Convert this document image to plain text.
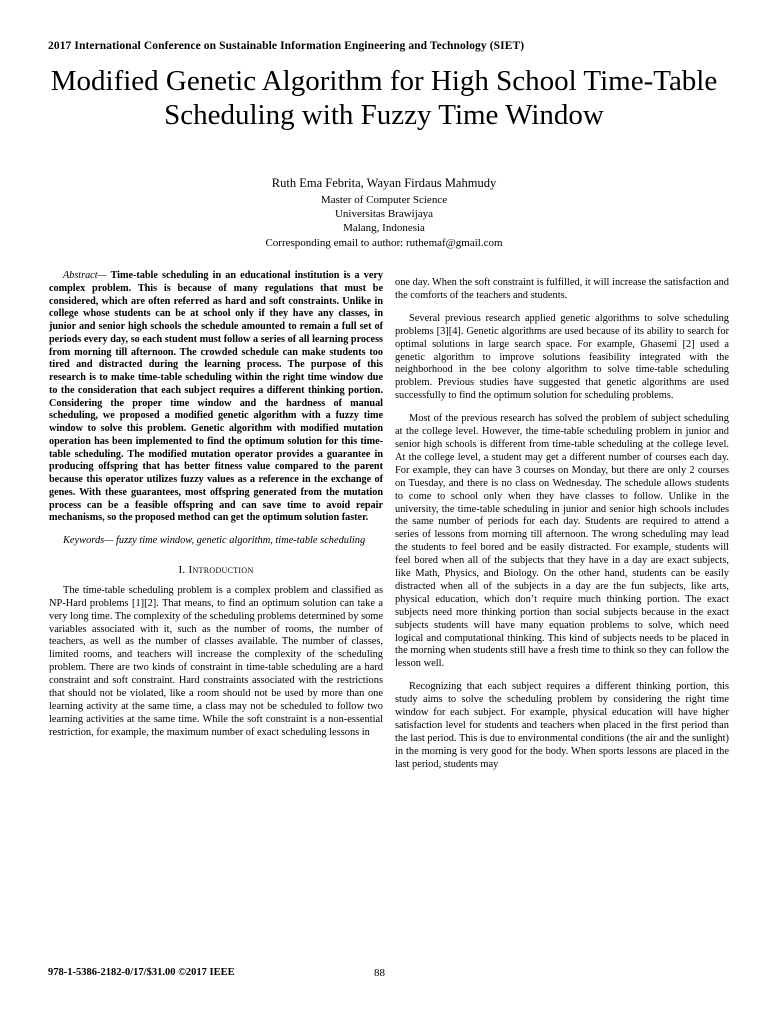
2017 International Conference on Sustainable Information Engineering and Technology (SIET)
Modified Genetic Algorithm for High School Time-Table Scheduling with Fuzzy Time Window
Ruth Ema Febrita, Wayan Firdaus Mahmudy
Master of Computer Science
Universitas Brawijaya
Malang, Indonesia
Corresponding email to author: ruthemaf@gmail.com

Abstract— Time-table scheduling in an educational institution is a very complex problem. This is because of many regulations that must be considered, which are often referred as hard and soft constraints. Unlike in college whose students can be at school only if they have any classes, in junior and senior high schools the schedule amounted to remain a full set of periods every day, so each student must follow a series of all learning process from morning till afternoon. The crowded schedule can make students too tired and distracted during the learning process. The purpose of this research is to make time-table scheduling within the right time window due to the consideration that each subject requires a different thinking portion. Considering the proper time window and the hardness of manual scheduling, we proposed a modified genetic algorithm with a fuzzy time window to solve this problem. Genetic algorithm with modified mutation operation has been implemented to find the optimum solution for this time-table scheduling. The modified mutation operator provides a guarantee in producing offspring that has better fitness value compared to the parent because this operator utilizes fuzzy values as a reference in the exchange of genes. With these guarantees, most offspring generated from the mutation process can be a feasible offspring and can save time to avoid repair mechanisms, so the proposed method can get the optimum solution faster.

Keywords— fuzzy time window, genetic algorithm, time-table scheduling

I. Introduction

The time-table scheduling problem is a complex problem and classified as NP-Hard problems [1][2]. That means, to find an optimum solution can take a very long time. The complexity of the scheduling problems determined by some variables associated with it, such as the number of rooms, the number of teachers, as well as the number of classes available. The number of classes, limited rooms, and teachers will increase the complexity of the scheduling problem. There are two kinds of constraint in time-table scheduling are a hard constraint and soft constraint. Hard constraints associated with the restrictions that should not be violated, like a room should not be used by more than one learning activity at the same time, a class may not be scheduled to follow two learning activities at the same time. While the soft constraint is a non-essential restriction, for example, the maximum number of exact scheduling lessons in

one day. When the soft constraint is fulfilled, it will increase the satisfaction and the comforts of the teachers and students.

Several previous research applied genetic algorithms to solve scheduling problems [3][4]. Genetic algorithms are used because of its ability to search for optimal solutions in large search space. For example, Ghasemi [2] used a genetic algorithm to improve solutions feasibility integrated with the neighborhood in the bee colony algorithm to solve time-table scheduling problem. Previous studies have suggested that genetic algorithms are used successfully to find the optimum solution for scheduling problems.

Most of the previous research has solved the problem of subject scheduling at the college level. However, the time-table scheduling problem in junior and senior high schools is different from time-table scheduling at the college level. At the college level, a student may get a different number of courses each day. For example, they can have 3 courses on Monday, but there are only 2 courses on Tuesday, and there is no class on Wednesday. The schedule allows students to come to school only when they have classes to follow. Unlike in the university, the time-table scheduling in junior and senior high schools includes the same number of periods for each day. Students are required to attend a series of lessons from morning till afternoon. The wrong scheduling may lead the students to feel bored and be easily distracted. For example, students will feel bored when all of the subjects that they have in a day are exact subjects, like Math, Physics, and Biology. On the other hand, students can be easily distracted when all of the subjects in a day are the fun subjects, like arts, physical education, which don’t require much thinking portion. The exact subjects need more thinking portion than social subjects because in the exact subjects students will have many equation problems to solve, which need logical and computational thinking. This kind of subjects needs to be placed in the morning when students still have a fresh time to think so they can follow the lesson well.

Recognizing that each subject requires a different thinking portion, this study aims to solve the scheduling problem by considering the right time window for each subject. For example, physical education will have higher satisfaction level for students and teachers when placed in the first period than the last period. This is due to environmental conditions (the air and the sunlight) in the morning is very good for the body. When sports lessons are placed in the last period, students may

978-1-5386-2182-0/17/$31.00 ©2017 IEEE	88
